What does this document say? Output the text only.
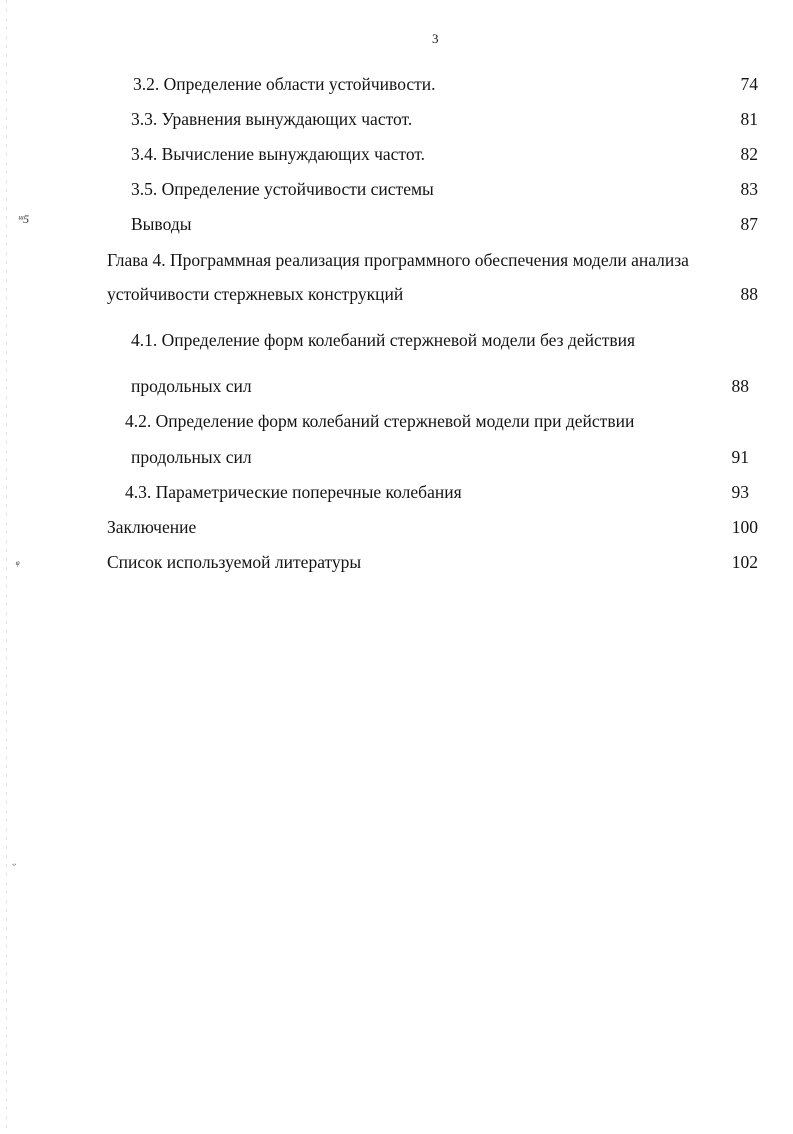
3
ᵚ5
ᵩ
ᵕ
3.2. Определение области устойчивости.	74
3.3. Уравнения вынуждающих частот.	81
3.4. Вычисление вынуждающих частот.	82
3.5. Определение устойчивости системы	83
Выводы	87
Глава 4. Программная реализация программного обеспечения модели анализа
устойчивости стержневых конструкций	88
4.1. Определение форм колебаний стержневой модели без действия
продольных сил	88
4.2. Определение форм колебаний стержневой модели при действии
продольных сил	91
4.3. Параметрические поперечные колебания	93
Заключение	100
Список используемой литературы	102
